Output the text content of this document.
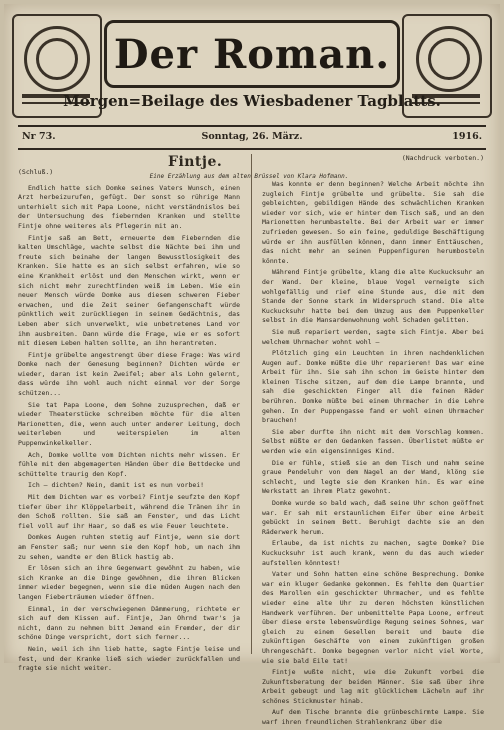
Der Roman.
Morgen=Beilage des Wiesbadener Tagblatts.
Nr 73.	Sonntag, 26. März.	1916.
(Schluß.)
Fintje.
Eine Erzählung aus dem alten Brüssel von Klara Hofmann.

Endlich hatte sich Domke seines Vaters Wunsch, einen Arzt herbeizurufen, gefügt. Der sonst so rührige Mann unterhielt sich mit Papa Loone, nicht verständnislos bei der Untersuchung des fiebernden Kranken und stellte Fintje ohne weiteres als Pflegerin mit an.

Fintje saß am Bett, erneuerte dem Fiebernden die kalten Umschläge, wachte selbst die Nächte bei ihm und freute sich beinahe der langen Bewusstlosigkeit des Kranken. Sie hatte es an sich selbst erfahren, wie so eine Krankheit erlöst und den Menschen wirkt, wenn er sich nicht mehr zurechtfinden weiß im Leben. Wie ein neuer Mensch würde Domke aus diesem schweren Fieber erwachen, und die Zeit seiner Gefangenschaft würde pünktlich weit zurückliegen in seinem Gedächtnis, das Leben aber sich unverwelkt, wie unbetretenes Land vor ihm ausbreiten. Dann würde die Frage, wie er es sofort mit diesem Leben halten sollte, an ihn herantreten.

Fintje grübelte angestrengt über diese Frage: Was wird Domke nach der Genesung beginnen? Dichten würde er wieder, daran ist kein Zweifel; aber als Lohn gelernt, dass würde ihn wohl auch nicht einmal vor der Sorge schützen...

Sie tat Papa Loone, dem Sohne zuzusprechen, daß er wieder Theaterstücke schreiben möchte für die alten Marionetten, die, wenn auch unter anderer Leitung, doch weiterleben und weiterspielen im alten Puppenwinkelkeller.

Ach, Domke wollte vom Dichten nichts mehr wissen. Er fühle mit den abgemagerten Händen über die Bettdecke und schüttelte traurig den Kopf.

Ich — dichten? Nein, damit ist es nun vorbei!

Mit dem Dichten war es vorbei? Fintje seufzte den Kopf tiefer über ihr Klöppelarbeit, während die Tränen ihr in den Schoß rollten. Sie saß am Fenster, und das Licht fiel voll auf ihr Haar, so daß es wie Feuer leuchtete.

Domkes Augen ruhten stetig auf Fintje, wenn sie dort am Fenster saß; nur wenn sie den Kopf hob, um nach ihm zu sehen, wandte er den Blick hastig ab.

Er lösen sich an ihre Gegenwart gewöhnt zu haben, wie sich Kranke an die Dinge gewöhnen, die ihren Blicken immer wieder begegnen, wenn sie die müden Augen nach den langen Fieberträumen wieder öffnen.

Einmal, in der verschwiegenen Dämmerung, richtete er sich auf dem Kissen auf. Fintje, Jan Ohrnd twar's ja nicht, dann zu nehmen bitt Jemand ein Fremder, der dir schöne Dinge verspricht, dort sich ferner...

Nein, weil ich ihn lieb hatte, sagte Fintje leise und fest, und der Kranke ließ sich wieder zurückfallen und fragte sie nicht weiter.

(Nachdruck verboten.)

Was konnte er denn beginnen? Welche Arbeit möchte ihn zugleich Fintje grübelte und grübelte. Sie sah die gebleichten, gebildigen Hände des schwächlichen Kranken wieder vor sich, wie er hinter dem Tisch saß, und an den Marionetten herumbastelte. Bei der Arbeit war er immer zufrieden gewesen. So ein feine, geduldige Beschäftigung würde er ihn ausfüllen können, dann immer Enttäuschen, das nicht mehr an seinen Puppenfiguren herumbosteln könnte.

Während Fintje grübelte, klang die alte Kuckucksuhr an der Wand. Der kleine, blaue Vogel verneigte sich wohlgefällig und rief eine Stunde aus, die mit dem Stande der Sonne stark im Widerspruch stand. Die alte Kuckucksuhr hatte bei dem Umzug aus dem Puppenkeller selbst in die Mansardenwohnung wohl Schaden gelitten.

Sie muß repariert werden, sagte sich Fintje. Aber bei welchem Uhrmacher wohnt wohl —

Plötzlich ging ein Leuchten in ihren nachdenklichen Augen auf. Domke müßte die Uhr reparieren! Das war eine Arbeit für ihn. Sie sah ihn schon im Geiste hinter dem kleinen Tische sitzen, auf dem die Lampe brannte, und sah die geschickten Finger all die feinen Räder berühren. Domke müßte bei einem Uhrmacher in die Lehre gehen. In der Puppengasse fand er wohl einen Uhrmacher brauchen!

Sie aber durfte ihn nicht mit dem Vorschlag kommen. Selbst müßte er den Gedanken fassen. Überlistet müßte er werden wie ein eigensinniges Kind.

Die er fühle, stieß sie an dem Tisch und nahm seine graue Pendeluhr von dem Nagel an der Wand, klöng sie schlecht, und legte sie dem Kranken hin. Es war eine Werkstatt an ihrem Platz gewohnt.

Domke wurde so bald wach, daß seine Uhr schon geöffnet war. Er sah mit erstaunlichem Eifer über eine Arbeit gebückt in seinem Bett. Beruhigt dachte sie an den Räderwerk herum.

Erlaube, da ist nichts zu machen, sagte Domke? Die Kuckucksuhr ist auch krank, wenn du das auch wieder aufstellen könntest!

Vater und Sohn hatten eine schöne Besprechung. Domke war ein kluger Gedanke gekommen. Es fehlte dem Quartier des Marollen ein geschickter Uhrmacher, und es fehlte wieder eine alte Uhr zu deren höchsten künstlichen Handwerk verführen. Der unbemittelte Papa Loone, erfreut über diese erste lebenswürdige Regung seines Sohnes, war gleich zu einem Gesellen bereit und baute die zukünftigen Geschäfte von einem zukünftigen großen Uhrengeschäft. Domke begegnen verlor nicht viel Worte, wie sie bald Eile tat!

Fintje wußte nicht, wie die Zukunft vorbei die Zukunftsberatung der beiden Männer. Sie saß über ihre Arbeit gebeugt und lag mit glücklichem Lächeln auf ihr schönes Stickmuster hinab.

Auf dem Tische brannte die grünbeschirmte Lampe. Sie warf ihren freundlichen Strahlenkranz über die
